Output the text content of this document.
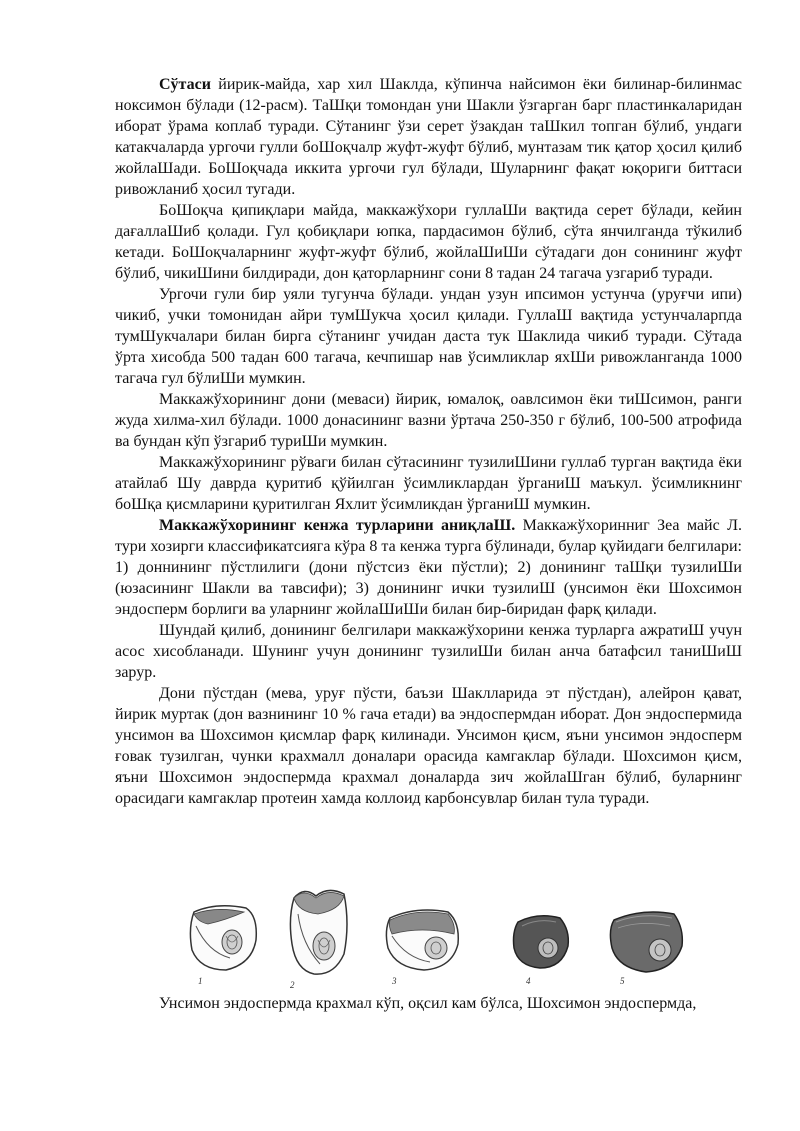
Сўтаси йирик-майда, хар хил Шаклда, кўпинча найсимон ёки билинар-билинмас ноксимон бўлади (12-расм). ТаШқи томондан уни Шакли ўзгарган барг пластинкаларидан иборат ўрама коплаб туради. Сўтанинг ўзи серет ўзакдан таШкил топган бўлиб, ундаги катакчаларда ургочи гулли боШоқчалр жуфт-жуфт бўлиб, мунтазам тик қатор ҳосил қилиб жойлаШади. БоШоқчада иккита ургочи гул бўлади, Шуларнинг фақат юқориги биттаси ривожланиб ҳосил тугади.

БоШоқча қипиқлари майда, маккажўхори гуллаШи вақтида серет бўлади, кейин дағаллаШиб қолади. Гул қобиқлари юпка, пардасимон бўлиб, сўта янчилганда тўкилиб кетади. БоШоқчаларнинг жуфт-жуфт бўлиб, жойлаШиШи сўтадаги дон сонининг жуфт бўлиб, чикиШини билдиради, дон қаторларнинг сони 8 тадан 24 тагача узгариб туради.

Ургочи гули бир уяли тугунча бўлади. ундан узун ипсимон устунча (уруғчи ипи) чикиб, учки томонидан айри тумШукча ҳосил қилади. ГуллаШ вақтида устунчаларпда тумШукчалари билан бирга сўтанинг учидан даста тук Шаклида чикиб туради. Сўтада ўрта хисобда 500 тадан 600 тагача, кечпишар нав ўсимликлар яхШи ривожланганда 1000 тагача гул бўлиШи мумкин.

Маккажўхорининг дони (меваси) йирик, юмалоқ, оавлсимон ёки тиШсимон, ранги жуда хилма-хил бўлади. 1000 донасининг вазни ўртача 250-350 г бўлиб, 100-500 атрофида ва бундан кўп ўзгариб туриШи мумкин.

Маккажўхорининг рўваги билан сўтасининг тузилиШини гуллаб турган вақтида ёки атайлаб Шу даврда қуритиб қўйилган ўсимликлардан ўрганиШ маъкул. ўсимликнинг боШқа қисмларини қуритилган Яхлит ўсимликдан ўрганиШ мумкин.

Маккажўхорининг кенжа турларини аниқлаШ. Маккажўхоринниг Зеа майс Л. тури хозирги классификатсияга кўра 8 та кенжа турга бўлинади, булар қуйидаги белгилари: 1) доннининг пўстлилиги (дони пўстсиз ёки пўстли); 2) донининг таШқи тузилиШи (юзасининг Шакли ва тавсифи); 3) донининг ички тузилиШ (унсимон ёки Шохсимон эндосперм борлиги ва уларнинг жойлаШиШи билан бир-биридан фарқ қилади.

Шундай қилиб, донининг белгилари маккажўхорини кенжа турларга ажратиШ учун асос хисобланади. Шунинг учун донининг тузилиШи билан анча батафсил таниШиШ зарур.

Дони пўстдан (мева, уруғ пўсти, баъзи Шаклларида эт пўстдан), алейрон қават, йирик муртак (дон вазнининг 10 % гача етади) ва эндоспермдан иборат. Дон эндоспермида унсимон ва Шохсимон қисмлар фарқ килинади. Унсимон қисм, яъни унсимон эндосперм ғовак тузилган, чунки крахмалл доналари орасида камгаклар бўлади. Шохсимон қисм, яъни Шохсимон эндоспермда крахмал доналарда зич жойлаШган бўлиб, буларнинг орасидаги камгаклар протеин хамда коллоид карбонсувлар билан тула туради.

1	2	3	4	5

Унсимон эндоспермда крахмал кўп, оқсил кам бўлса, Шохсимон эндоспермда,
